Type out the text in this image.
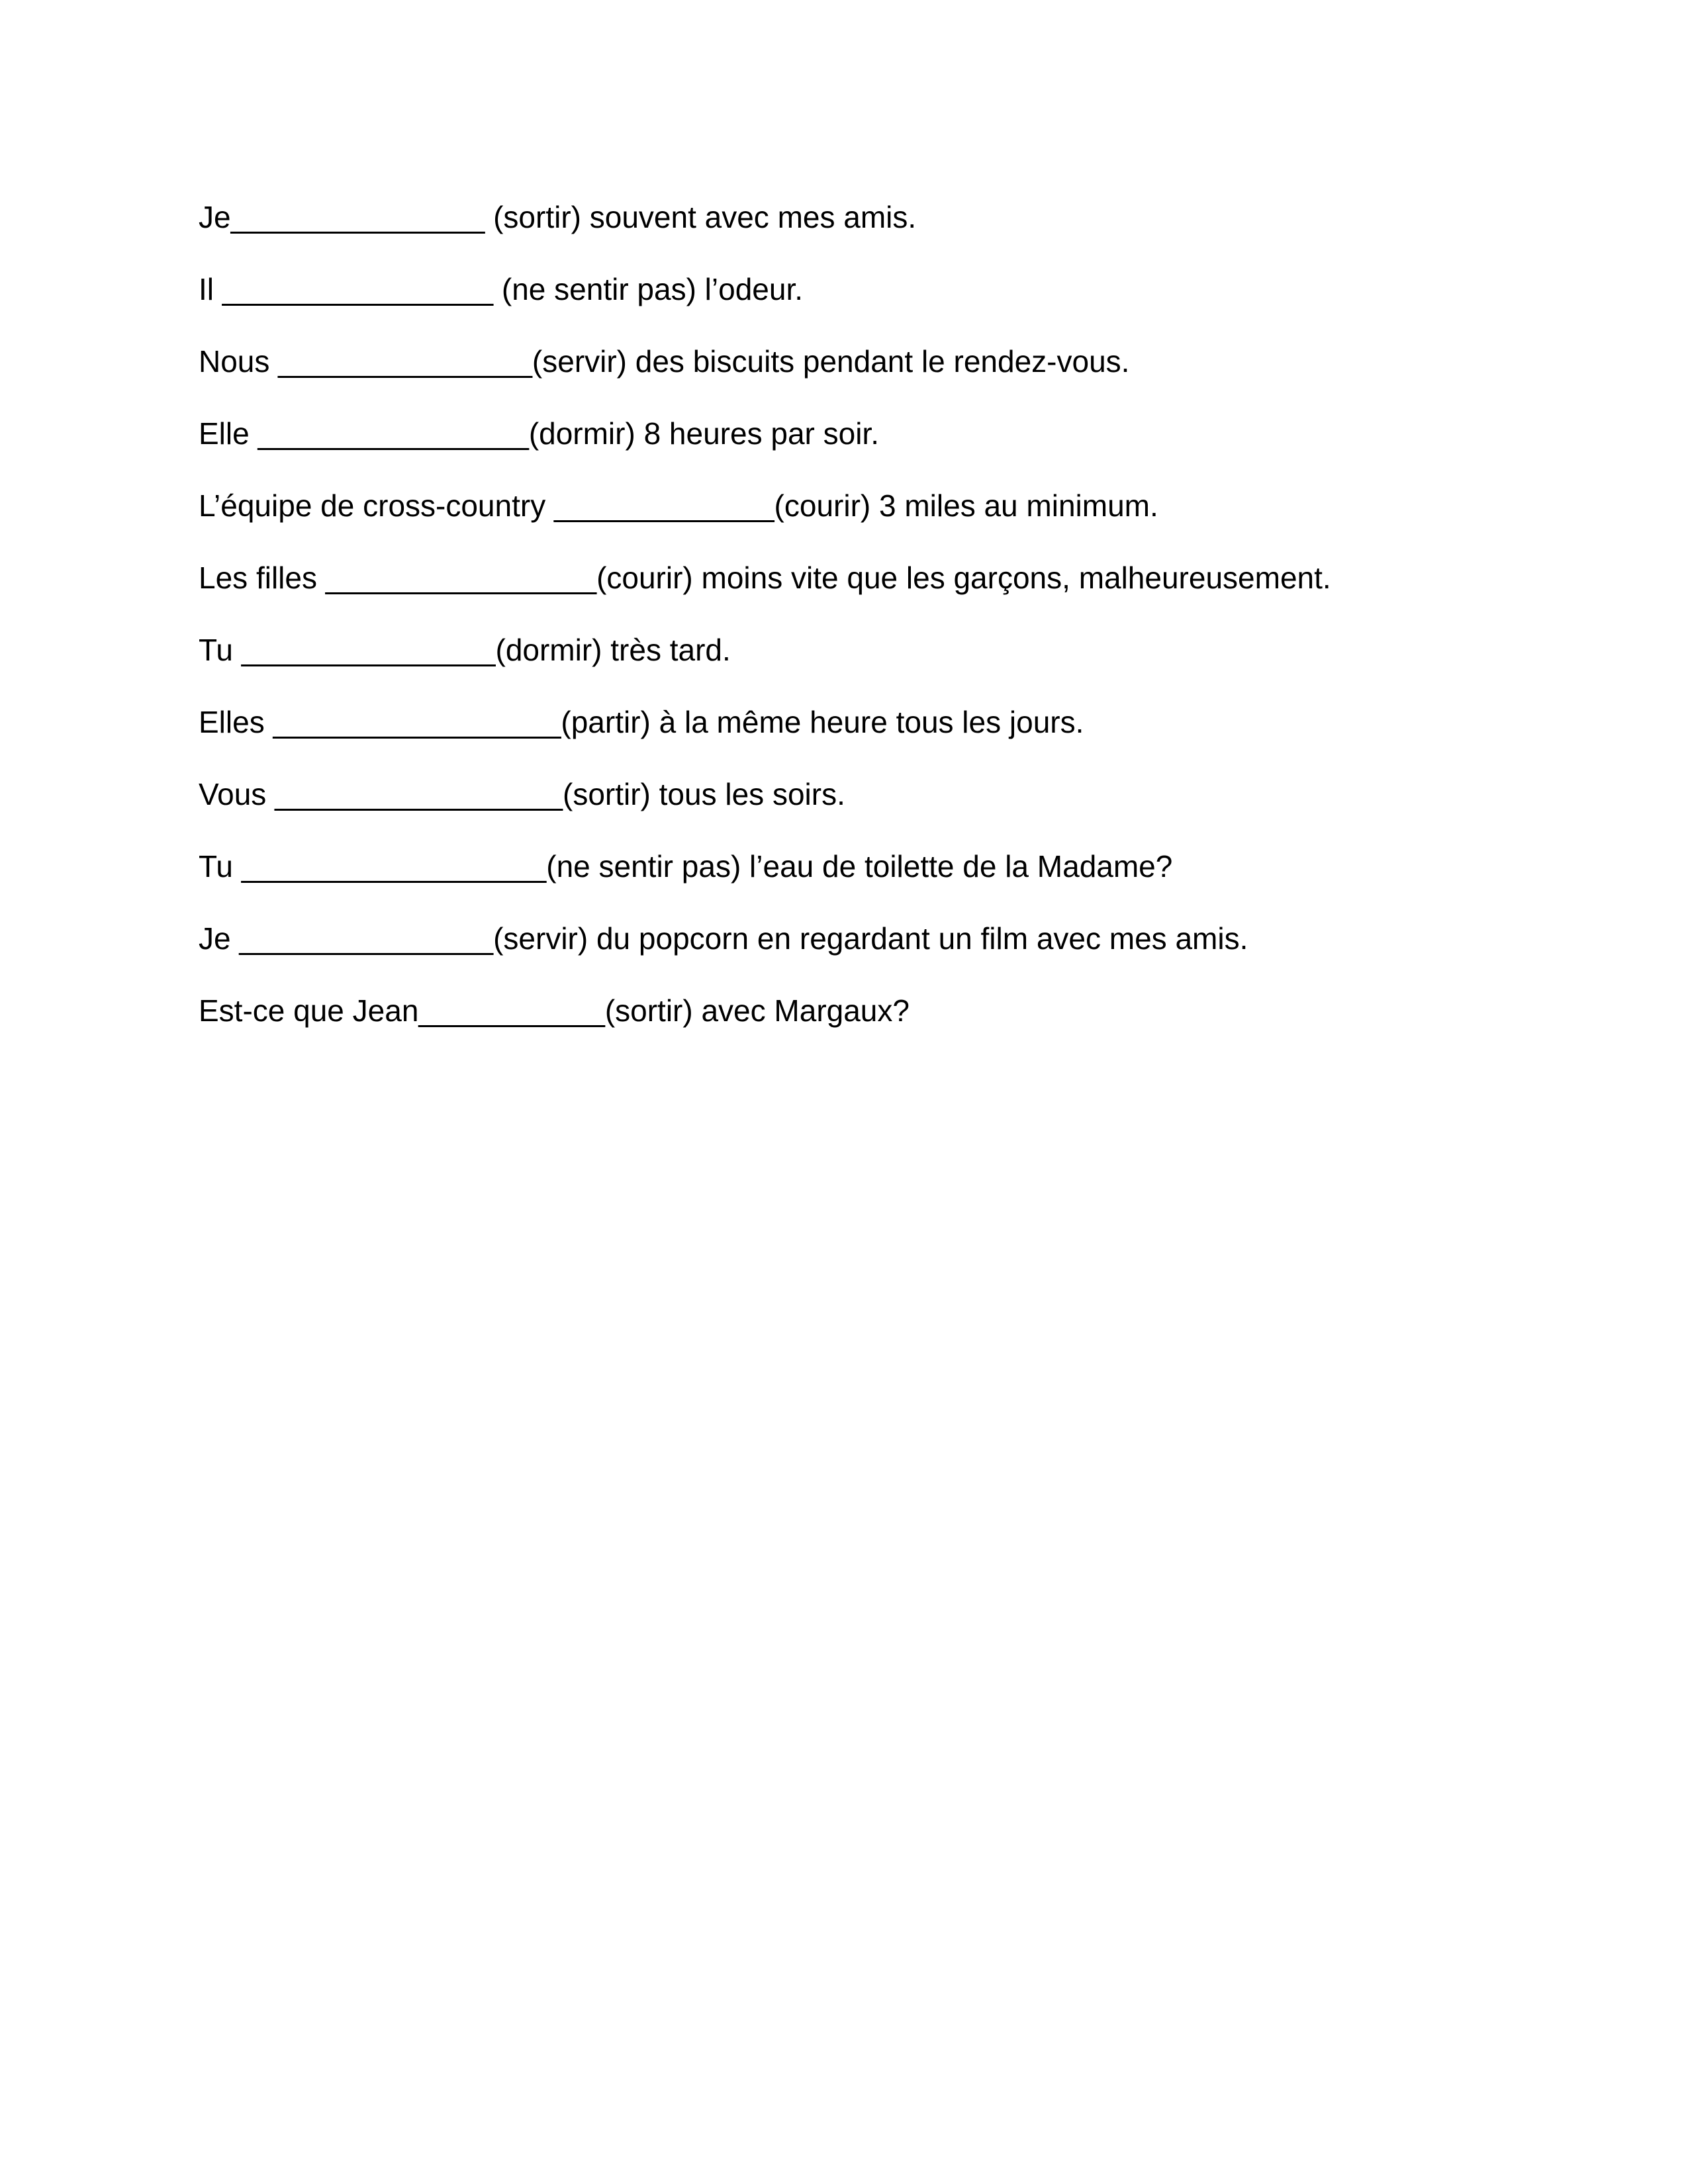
Je_______________ (sortir) souvent avec mes amis.
Il ________________ (ne sentir pas) l’odeur.
Nous _______________(servir) des biscuits pendant le rendez-vous.
Elle ________________(dormir) 8 heures par soir.
L’équipe de cross-country _____________(courir) 3 miles au minimum.
Les filles ________________(courir) moins vite que les garçons, malheureusement.
Tu _______________(dormir) très tard.
Elles _________________(partir) à la même heure tous les jours.
Vous _________________(sortir) tous les soirs.
Tu __________________(ne sentir pas) l’eau de toilette de la Madame?
Je _______________(servir) du popcorn en regardant un film avec mes amis.
Est-ce que Jean___________(sortir) avec Margaux?
